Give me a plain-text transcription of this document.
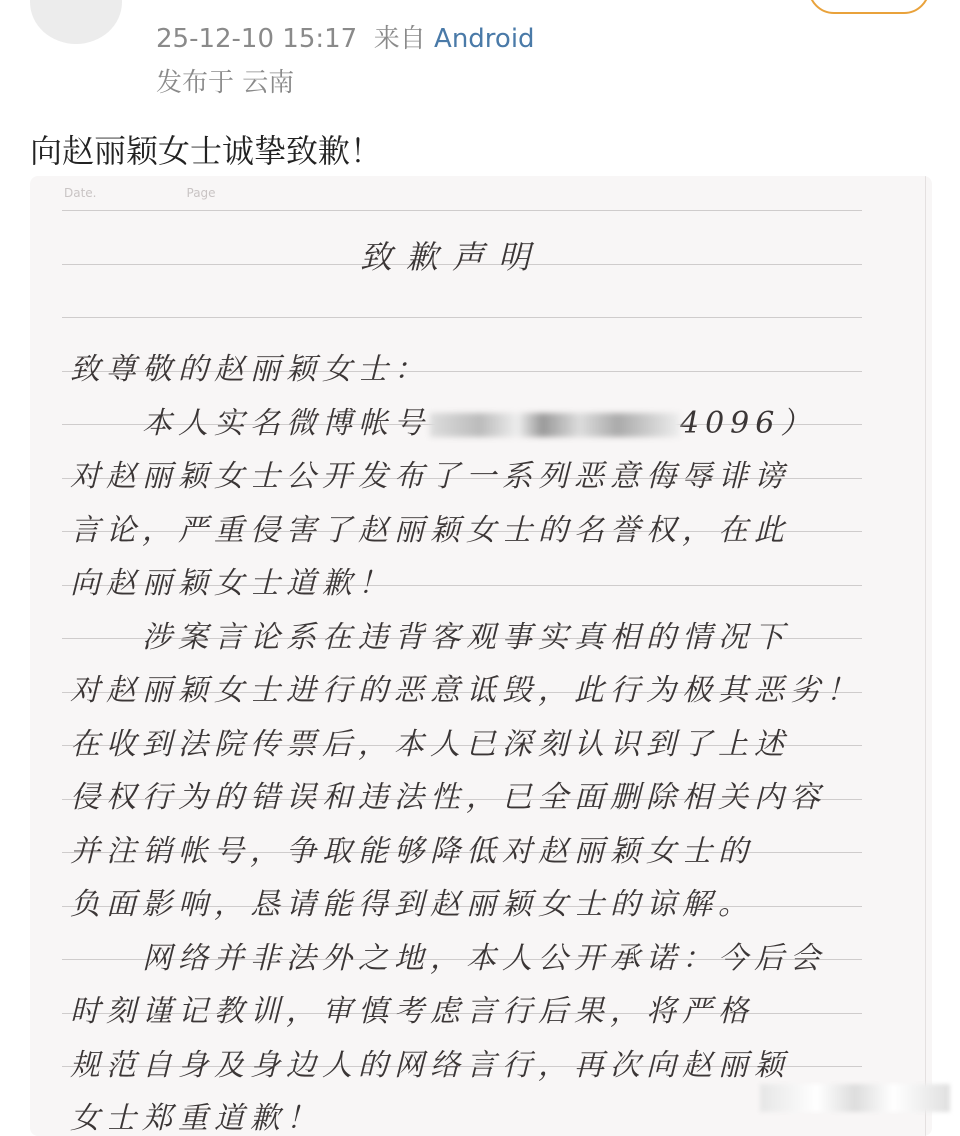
25-12-10 15:17 来自 Android
发布于 云南
向赵丽颖女士诚挚致歉！
Date.	Page
致歉声明
致尊敬的赵丽颖女士：
　　本人实名微博帐号	4096）
对赵丽颖女士公开发布了一系列恶意侮辱诽谤
言论，严重侵害了赵丽颖女士的名誉权，在此
向赵丽颖女士道歉！
　　涉案言论系在违背客观事实真相的情况下
对赵丽颖女士进行的恶意诋毁，此行为极其恶劣！
在收到法院传票后，本人已深刻认识到了上述
侵权行为的错误和违法性，已全面删除相关内容
并注销帐号，争取能够降低对赵丽颖女士的
负面影响，恳请能得到赵丽颖女士的谅解。
　　网络并非法外之地，本人公开承诺：今后会
时刻谨记教训，审慎考虑言行后果，将严格
规范自身及身边人的网络言行，再次向赵丽颖
女士郑重道歉！
